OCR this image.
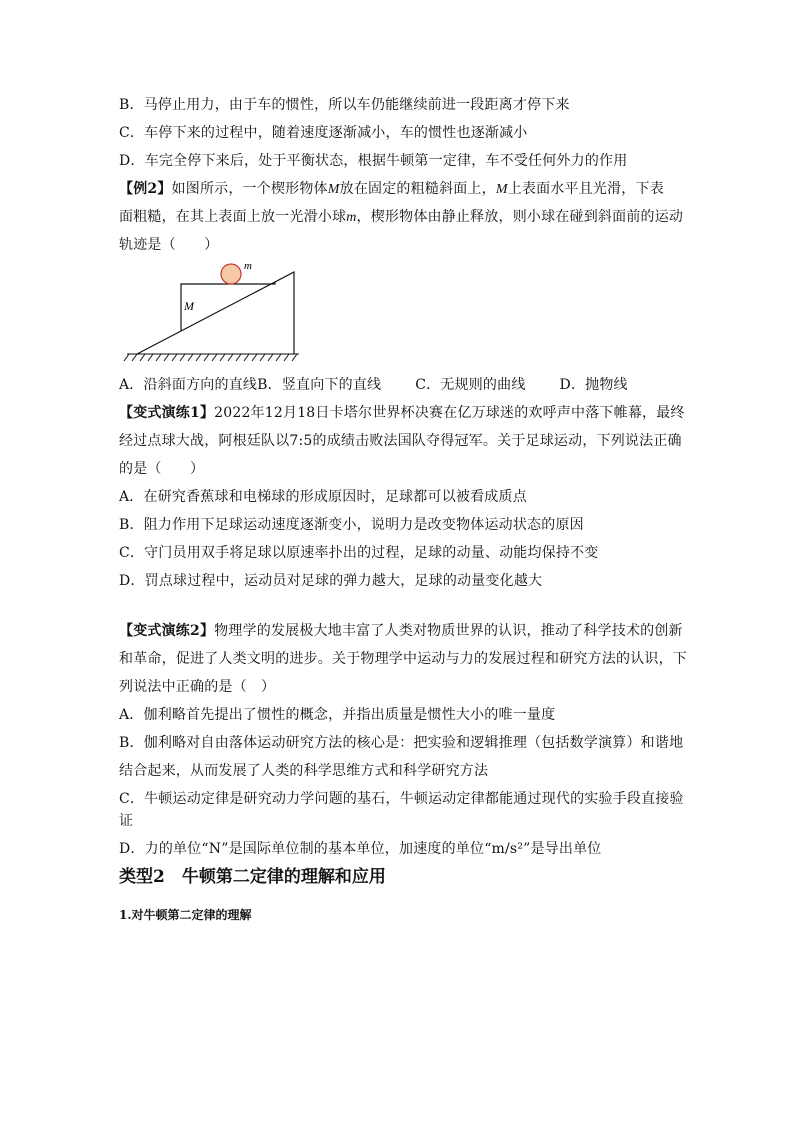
B．马停止用力，由于车的惯性，所以车仍能继续前进一段距离才停下来
C．车停下来的过程中，随着速度逐渐减小，车的惯性也逐渐减小
D．车完全停下来后，处于平衡状态，根据牛顿第一定律，车不受任何外力的作用
【例2】如图所示，一个楔形物体M放在固定的粗糙斜面上，M上表面水平且光滑，下表
面粗糙，在其上表面上放一光滑小球m，楔形物体由静止释放，则小球在碰到斜面前的运动
轨迹是（　　）
m
M
A．沿斜面方向的直线B．竖直向下的直线 C．无规则的曲线 D．抛物线
【变式演练1】2022年12月18日卡塔尔世界杯决赛在亿万球迷的欢呼声中落下帷幕，最终
经过点球大战，阿根廷队以7:5的成绩击败法国队夺得冠军。关于足球运动，下列说法正确
的是（　　）
A．在研究香蕉球和电梯球的形成原因时，足球都可以被看成质点
B．阻力作用下足球运动速度逐渐变小，说明力是改变物体运动状态的原因
C．守门员用双手将足球以原速率扑出的过程，足球的动量、动能均保持不变
D．罚点球过程中，运动员对足球的弹力越大，足球的动量变化越大
【变式演练2】物理学的发展极大地丰富了人类对物质世界的认识，推动了科学技术的创新
和革命，促进了人类文明的进步。关于物理学中运动与力的发展过程和研究方法的认识，下
列说法中正确的是（　）
A．伽利略首先提出了惯性的概念，并指出质量是惯性大小的唯一量度
B．伽利略对自由落体运动研究方法的核心是：把实验和逻辑推理（包括数学演算）和谐地
结合起来，从而发展了人类的科学思维方式和科学研究方法
C．牛顿运动定律是研究动力学问题的基石，牛顿运动定律都能通过现代的实验手段直接验
证
D．力的单位“N”是国际单位制的基本单位，加速度的单位“m/s²”是导出单位
类型2　牛顿第二定律的理解和应用
1.对牛顿第二定律的理解
